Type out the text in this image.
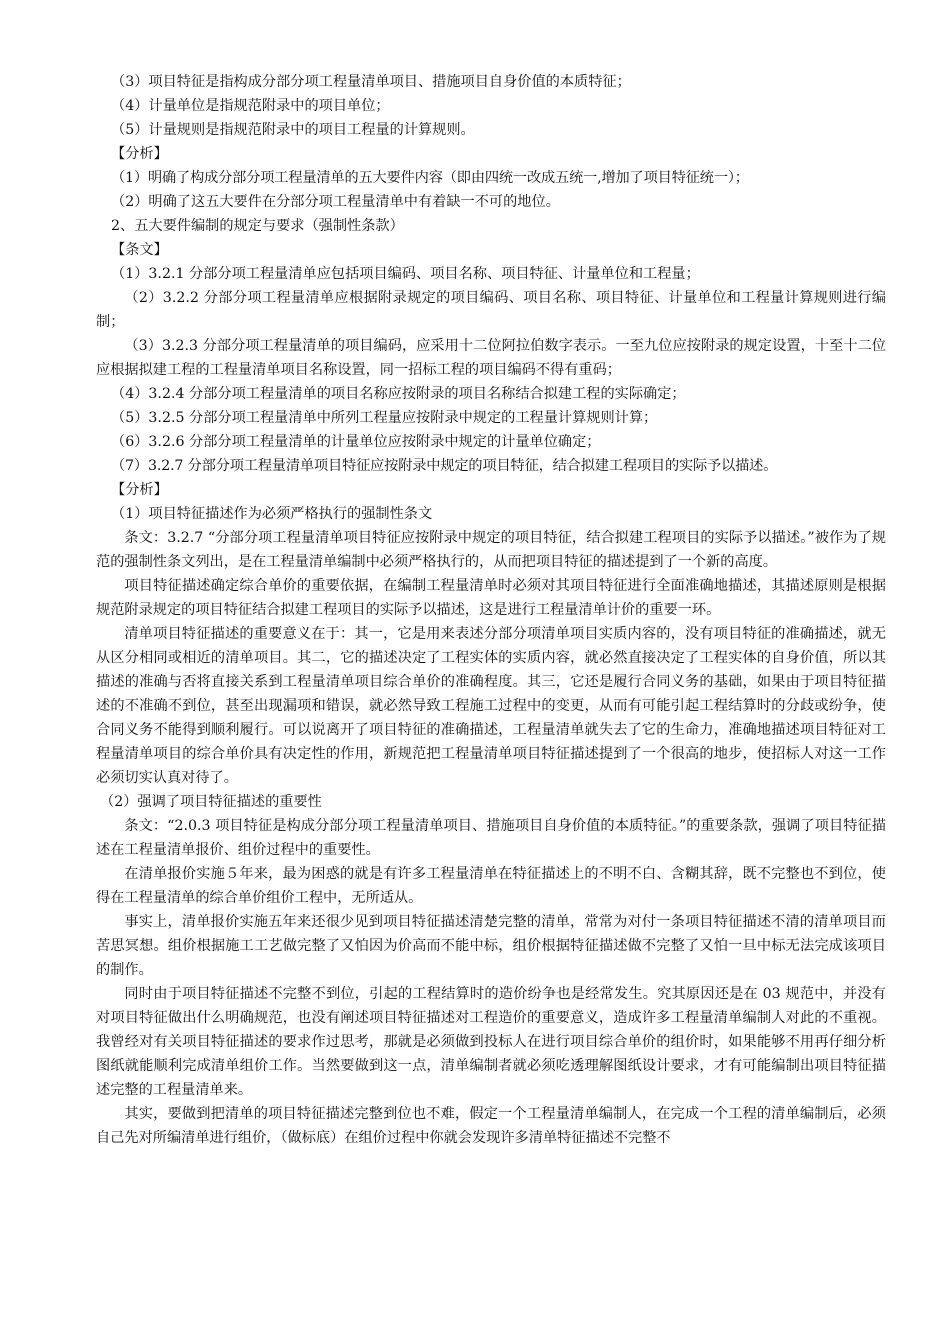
（3）项目特征是指构成分部分项工程量清单项目、措施项目自身价值的本质特征；

（4）计量单位是指规范附录中的项目单位；

（5）计量规则是指规范附录中的项目工程量的计算规则。

【分析】

（1）明确了构成分部分项工程量清单的五大要件内容（即由四统一改成五统一,增加了项目特征统一）；

（2）明确了这五大要件在分部分项工程量清单中有着缺一不可的地位。

2、五大要件编制的规定与要求（强制性条款）

【条文】

（1）3.2.1 分部分项工程量清单应包括项目编码、项目名称、项目特征、计量单位和工程量；

（2）3.2.2 分部分项工程量清单应根据附录规定的项目编码、项目名称、项目特征、计量单位和工程量计算规则进行编制；

（3）3.2.3 分部分项工程量清单的项目编码，应采用十二位阿拉伯数字表示。一至九位应按附录的规定设置，十至十二位应根据拟建工程的工程量清单项目名称设置，同一招标工程的项目编码不得有重码；

（4）3.2.4 分部分项工程量清单的项目名称应按附录的项目名称结合拟建工程的实际确定；

（5）3.2.5 分部分项工程量清单中所列工程量应按附录中规定的工程量计算规则计算；

（6）3.2.6 分部分项工程量清单的计量单位应按附录中规定的计量单位确定；

（7）3.2.7 分部分项工程量清单项目特征应按附录中规定的项目特征，结合拟建工程项目的实际予以描述。

【分析】

（1）项目特征描述作为必须严格执行的强制性条文

条文：3.2.7 “分部分项工程量清单项目特征应按附录中规定的项目特征，结合拟建工程项目的实际予以描述。”被作为了规范的强制性条文列出，是在工程量清单编制中必须严格执行的，从而把项目特征的描述提到了一个新的高度。

项目特征描述确定综合单价的重要依据，在编制工程量清单时必须对其项目特征进行全面准确地描述，其描述原则是根据规范附录规定的项目特征结合拟建工程项目的实际予以描述，这是进行工程量清单计价的重要一环。

清单项目特征描述的重要意义在于：其一，它是用来表述分部分项清单项目实质内容的，没有项目特征的准确描述，就无从区分相同或相近的清单项目。其二，它的描述决定了工程实体的实质内容，就必然直接决定了工程实体的自身价值，所以其描述的准确与否将直接关系到工程量清单项目综合单价的准确程度。其三，它还是履行合同义务的基础，如果由于项目特征描述的不准确不到位，甚至出现漏项和错误，就必然导致工程施工过程中的变更，从而有可能引起工程结算时的分歧或纷争，使合同义务不能得到顺利履行。可以说离开了项目特征的准确描述，工程量清单就失去了它的生命力，准确地描述项目特征对工程量清单项目的综合单价具有决定性的作用，新规范把工程量清单项目特征描述提到了一个很高的地步，使招标人对这一工作必须切实认真对待了。

（2）强调了项目特征描述的重要性

条文：“2.0.3 项目特征是构成分部分项工程量清单项目、措施项目自身价值的本质特征。”的重要条款，强调了项目特征描述在工程量清单报价、组价过程中的重要性。

在清单报价实施５年来，最为困惑的就是有许多工程量清单在特征描述上的不明不白、含糊其辞，既不完整也不到位，使得在工程量清单的综合单价组价工程中，无所适从。

事实上，清单报价实施五年来还很少见到项目特征描述清楚完整的清单，常常为对付一条项目特征描述不清的清单项目而苦思冥想。组价根据施工工艺做完整了又怕因为价高而不能中标，组价根据特征描述做不完整了又怕一旦中标无法完成该项目的制作。

同时由于项目特征描述不完整不到位，引起的工程结算时的造价纷争也是经常发生。究其原因还是在 03 规范中，并没有对项目特征做出什么明确规范，也没有阐述项目特征描述对工程造价的重要意义，造成许多工程量清单编制人对此的不重视。我曾经对有关项目特征描述的要求作过思考，那就是必须做到投标人在进行项目综合单价的组价时，如果能够不用再仔细分析图纸就能顺利完成清单组价工作。当然要做到这一点，清单编制者就必须吃透理解图纸设计要求，才有可能编制出项目特征描述完整的工程量清单来。

其实，要做到把清单的项目特征描述完整到位也不难，假定一个工程量清单编制人，在完成一个工程的清单编制后，必须自己先对所编清单进行组价，（做标底）在组价过程中你就会发现许多清单特征描述不完整不
